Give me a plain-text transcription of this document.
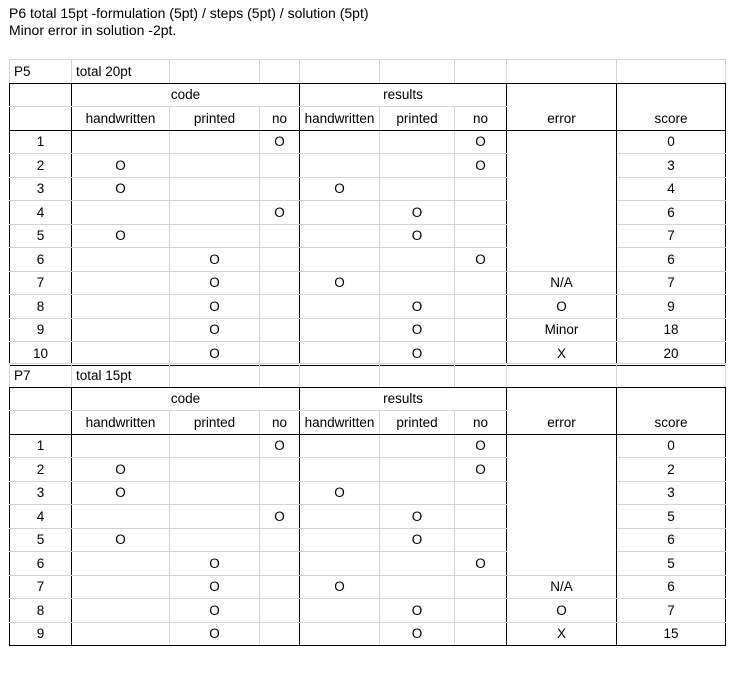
P6 total 15pt -formulation (5pt) / steps (5pt) / solution (5pt)
Minor error in solution -2pt.
P5	total 20pt							
	code			results				
	handwritten	printed	no	handwritten	printed	no	error	score
1			O			O		0
2	O					O		3
3	O			O				4
4			O		O			6
5	O				O			7
6		O				O		6
7		O		O			N/A	7
8		O			O		O	9
9		O			O		Minor	18
10		O			O		X	20
P7	total 15pt							
	code			results				
	handwritten	printed	no	handwritten	printed	no	error	score
1			O			O		0
2	O					O		2
3	O			O				3
4			O		O			5
5	O				O			6
6		O				O		5
7		O		O			N/A	6
8		O			O		O	7
9		O			O		X	15
